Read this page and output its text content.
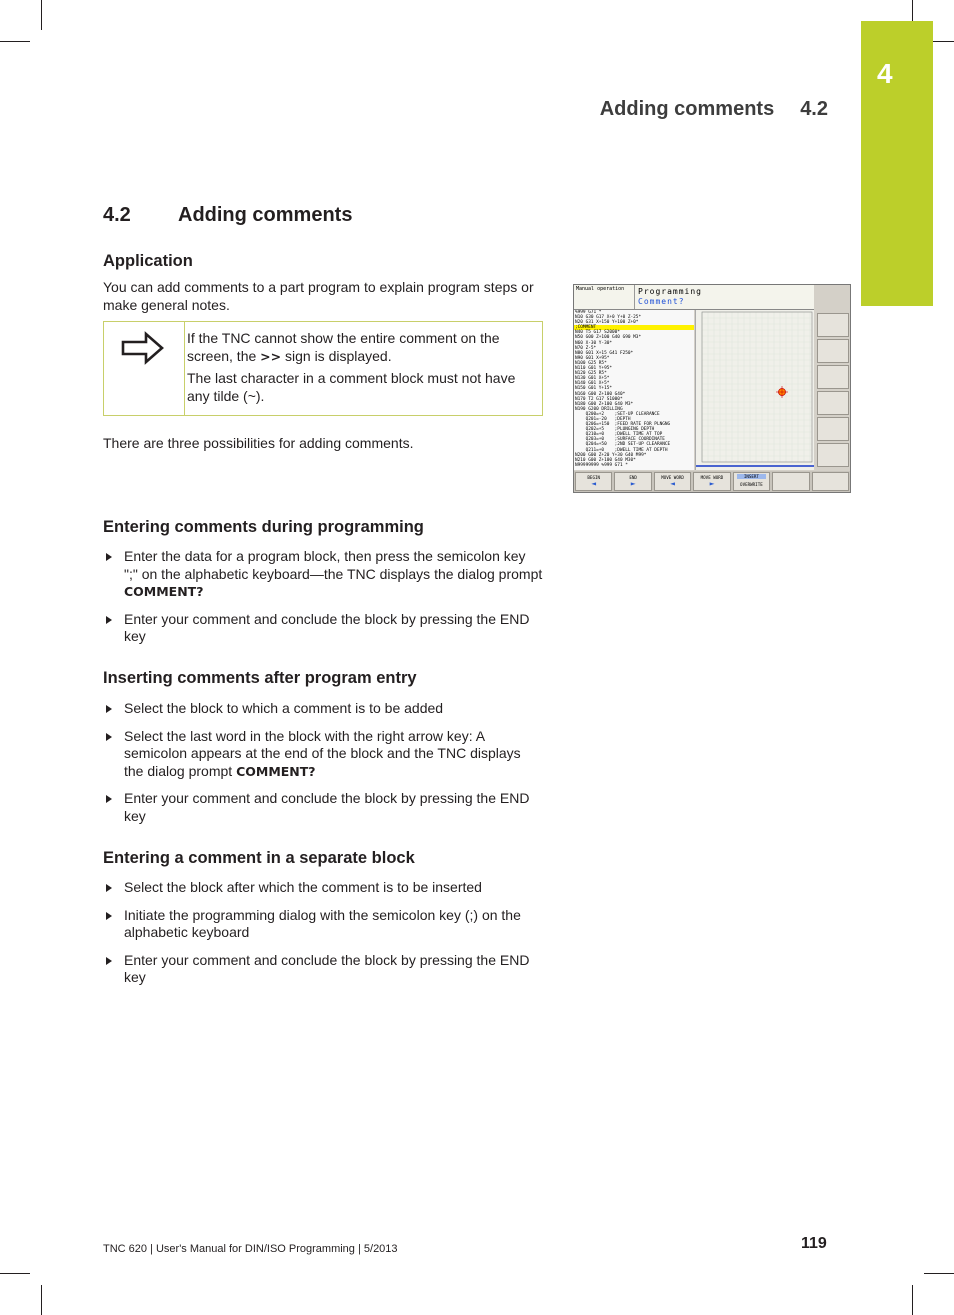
4
Adding comments 4.2
4.2 Adding comments
Application

You can add comments to a part program to explain program steps or make general notes.

If the TNC cannot show the entire comment on the screen, the >> sign is displayed.

The last character in a comment block must not have any tilde (~).

There are three possibilities for adding comments.

Manual operation Programming
Comment?
%999 G71 *
N10 G30 G17 X+0 Y+0 Z-25*
N20 G31 X+150 Y+100 Z+0*
;COMMENT
N40 T5 G17 S2000*
N50 G00 Z+100 G40 G90 M3*
N60 X-30 Y-30*
N70 Z-5*
N80 G01 X+15 G41 F250*
N90 G01 X+95*
N100 G25 R5*
N110 G01 Y+95*
N120 G25 R5*
N130 G01 X+5*
N140 G01 X+5*
N150 G01 Y+15*
N160 G00 Z+100 G40*
N170 T2 G17 S1000*
N180 G00 Z+100 G40 M3*
N190 G200 DRILLING
Q200=+2    ;SET-UP CLEARANCE
Q201=-20   ;DEPTH
Q206=+150  ;FEED RATE FOR PLNGNG
Q202=+5    ;PLUNGING DEPTH
Q210=+0    ;DWELL TIME AT TOP
Q203=+0    ;SURFACE COORDINATE
Q204=+50   ;2ND SET-UP CLEARANCE
Q211=+0    ;DWELL TIME AT DEPTH
N200 G00 Z+20 Y+30 G40 M99*
N210 G00 Z+100 G40 M30*
N99999999 %999 G71 *
BEGIN
◄
END
►
MOVE WORD
◄
MOVE WORD
►
INSERT
OVERWRITE
Entering comments during programming
Enter the data for a program block, then press the semicolon key ";" on the alphabetic keyboard—the TNC displays the dialog prompt COMMENT?
Enter your comment and conclude the block by pressing the END key
Inserting comments after program entry
Select the block to which a comment is to be added
Select the last word in the block with the right arrow key: A semicolon appears at the end of the block and the TNC displays the dialog prompt COMMENT?
Enter your comment and conclude the block by pressing the END key
Entering a comment in a separate block
Select the block after which the comment is to be inserted
Initiate the programming dialog with the semicolon key (;) on the alphabetic keyboard
Enter your comment and conclude the block by pressing the END key
TNC 620 | User's Manual for DIN/ISO Programming | 5/2013	119
